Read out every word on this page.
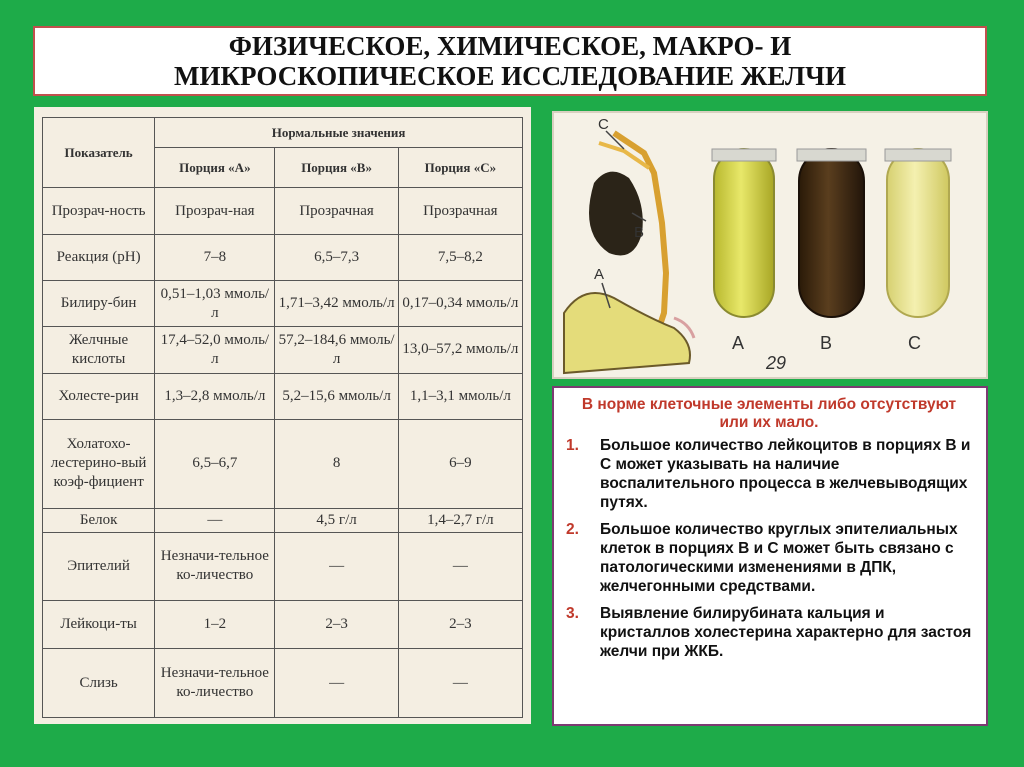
ФИЗИЧЕСКОЕ, ХИМИЧЕСКОЕ, МАКРО- И
МИКРОСКОПИЧЕСКОЕ ИССЛЕДОВАНИЕ ЖЕЛЧИ
Показатель	Нормальные значения		
	Порция «А»	Порция «В»	Порция «С»
Прозрач-ность	Прозрач-ная	Прозрачная	Прозрачная
Реакция (pH)	7–8	6,5–7,3	7,5–8,2
Билиру-бин	0,51–1,03 ммоль/л	1,71–3,42 ммоль/л	0,17–0,34 ммоль/л
Желчные кислоты	17,4–52,0 ммоль/л	57,2–184,6 ммоль/л	13,0–57,2 ммоль/л
Холесте-рин	1,3–2,8 ммоль/л	5,2–15,6 ммоль/л	1,1–3,1 ммоль/л
Холатохо-лестерино-вый коэф-фициент	6,5–6,7	8	6–9
Белок	—	4,5 г/л	1,4–2,7 г/л
Эпителий	Незначи-тельное ко-личество	—	—
Лейкоци-ты	1–2	2–3	2–3
Слизь	Незначи-тельное ко-личество	—	—
С
В
А
А	В	С
29

В норме клеточные элементы либо отсутствуют или их мало.

1.	Большое количество лейкоцитов в порциях В и С может указывать на наличие воспалительного процесса в желчевыводящих путях.
2.	Большое количество круглых эпителиальных клеток в порциях В и С может быть связано с патологическими изменениями в ДПК, желчегонными средствами.
3.	Выявление билирубината кальция и кристаллов холестерина характерно для застоя желчи при ЖКБ.
